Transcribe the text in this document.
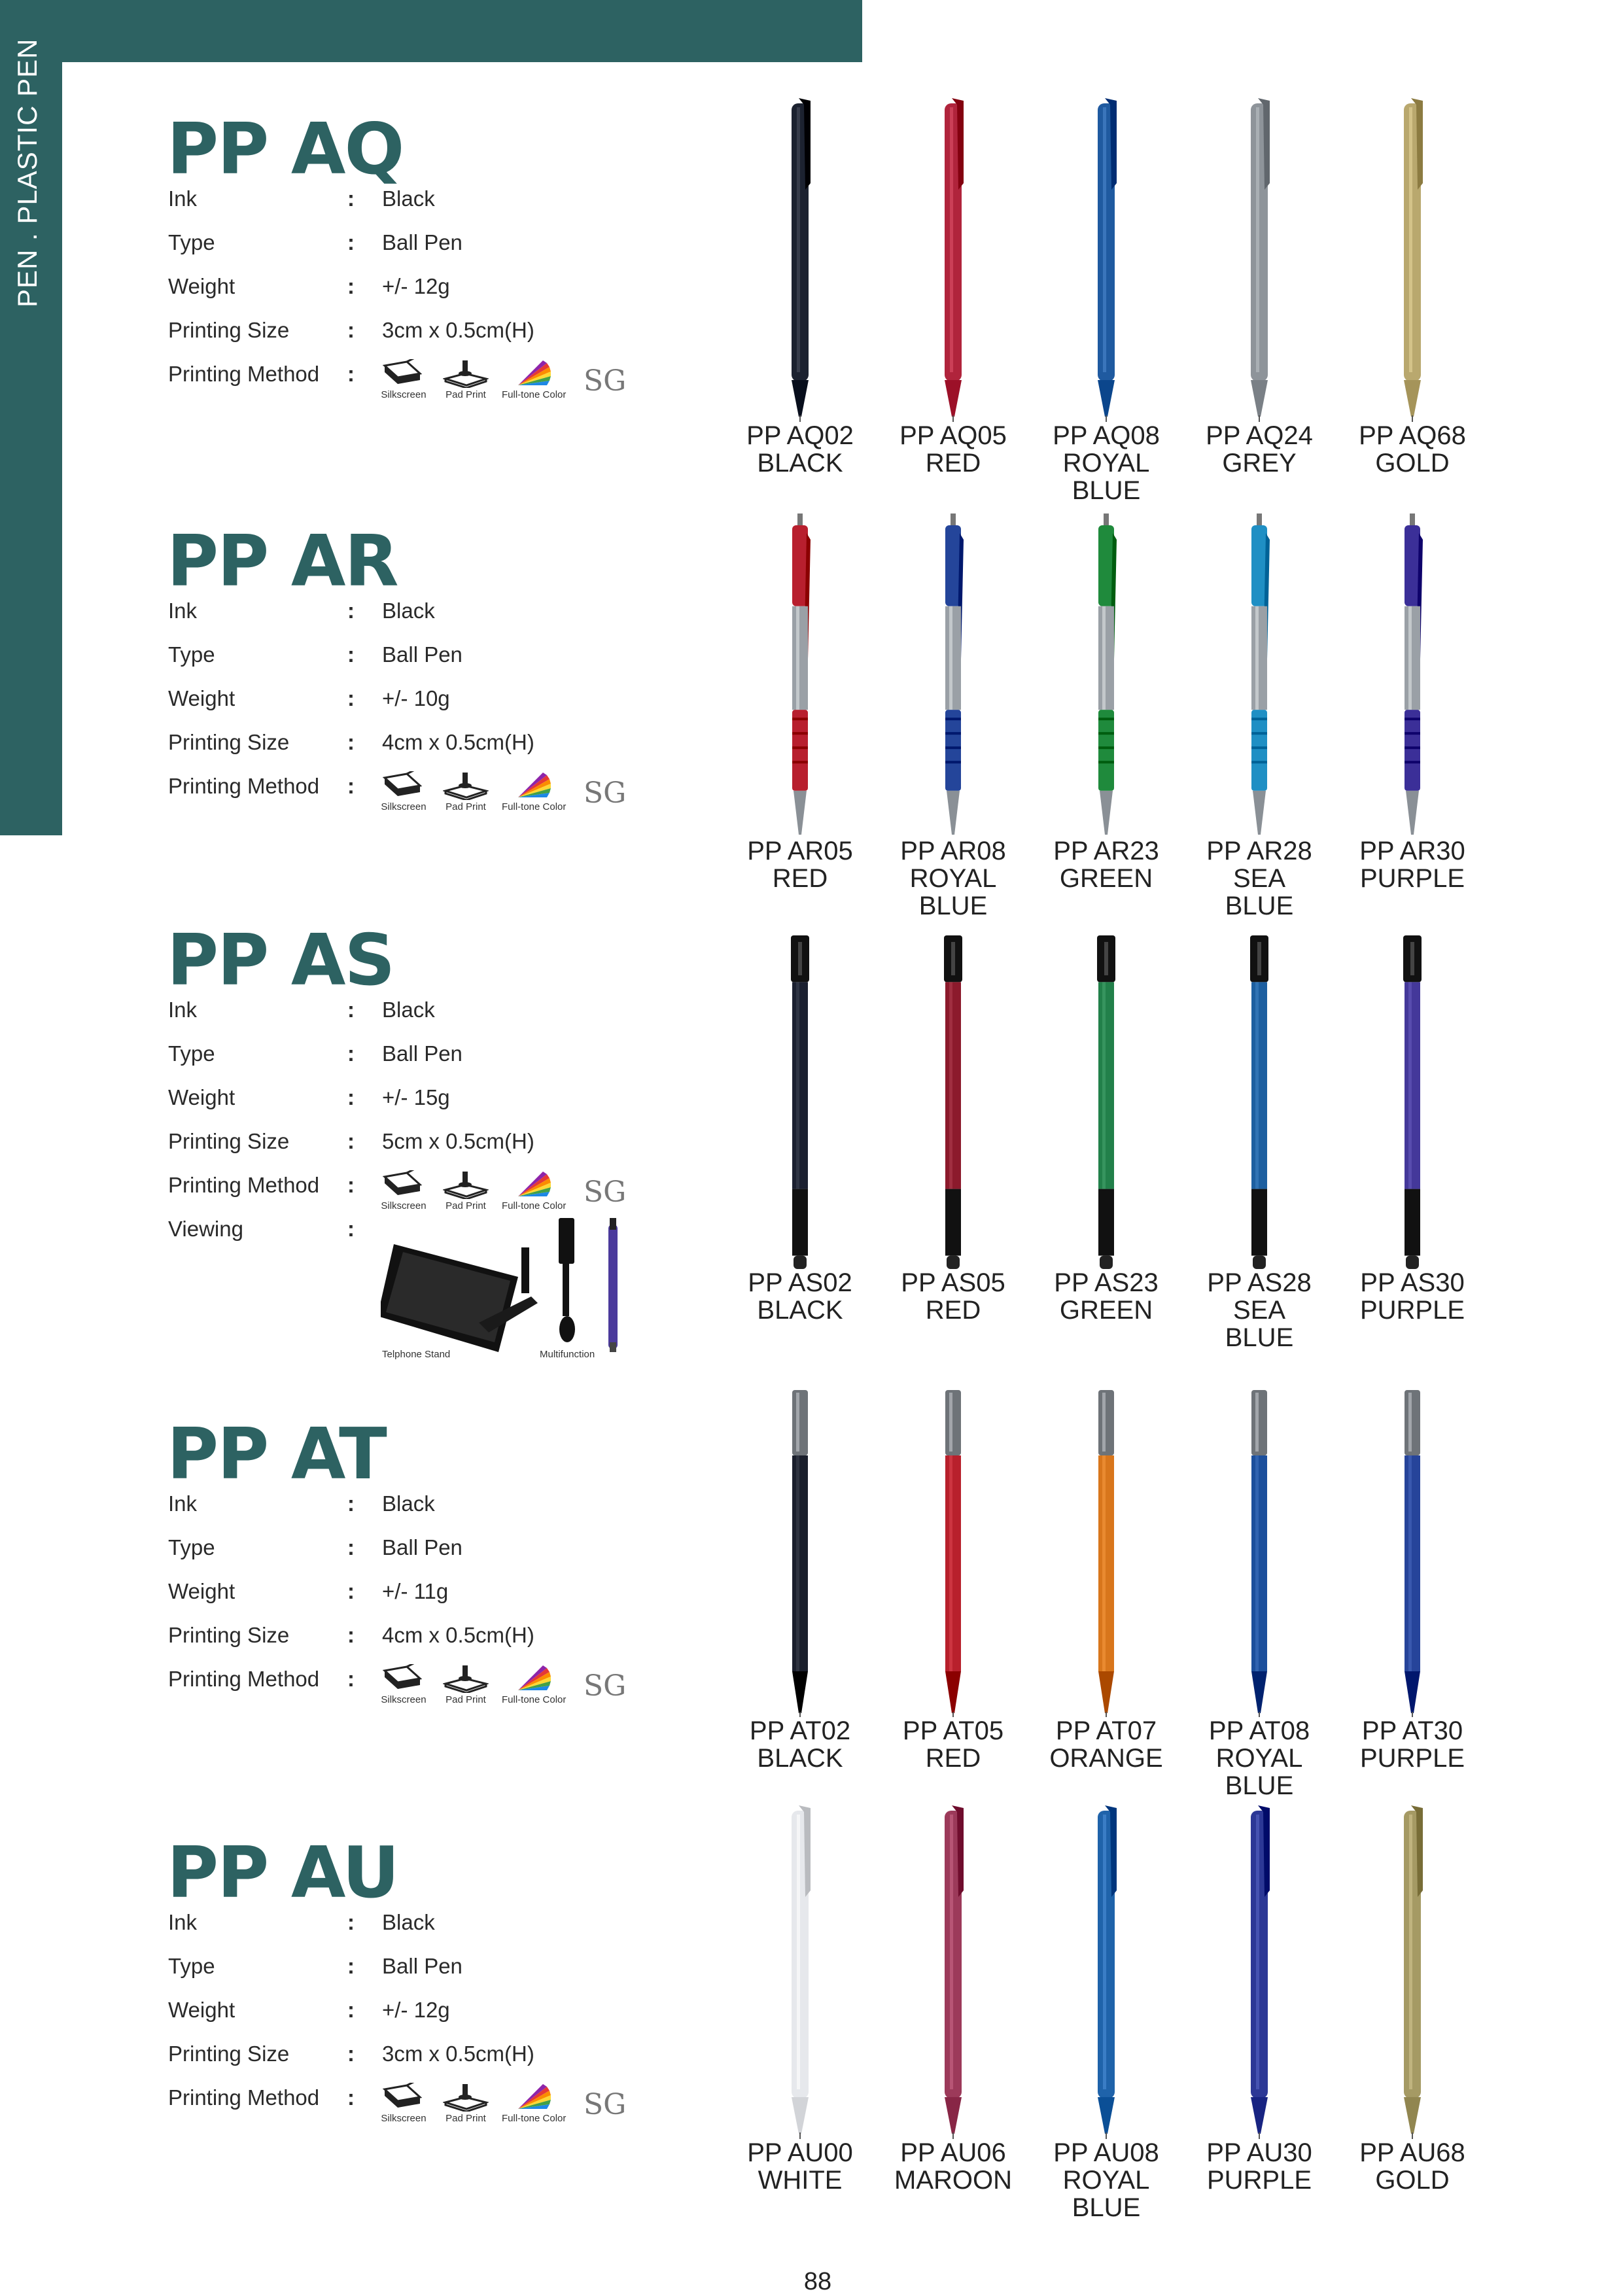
PEN . PLASTIC PEN PP AQ
Ink	: Black
Type	: Ball Pen
Weight	: +/- 12g
Printing Size	: 3cm x 0.5cm(H)
Printing Method :
Silkscreen Pad Print Full-tone Color SG
PP AR
Ink	: Black
Type	: Ball Pen
Weight	: +/- 10g
Printing Size	: 4cm x 0.5cm(H)
Printing Method :
Silkscreen Pad Print Full-tone Color SG
PP AS
Ink	: Black
Type	: Ball Pen
Weight	: +/- 15g
Printing Size	: 5cm x 0.5cm(H)
Printing Method :
Silkscreen Pad Print Full-tone Color SG
Viewing	:
Telphone Stand	Multifunction
PP AT
Ink	: Black
Type	: Ball Pen
Weight	: +/- 11g
Printing Size	: 4cm x 0.5cm(H)
Printing Method :
Silkscreen Pad Print Full-tone Color SG
PP AU
Ink	: Black
Type	: Ball Pen
Weight	: +/- 12g
Printing Size	: 3cm x 0.5cm(H)
Printing Method :
Silkscreen Pad Print Full-tone Color SG
PP AQ02
BLACK
PP AQ05
RED
PP AQ08
ROYAL
BLUE
PP AQ24
GREY
PP AQ68
GOLD
PP AR05
RED
PP AR08
ROYAL
BLUE
PP AR23
GREEN
PP AR28
SEA
BLUE
PP AR30
PURPLE
PP AS02
BLACK
PP AS05
RED
PP AS23
GREEN
PP AS28
SEA
BLUE
PP AS30
PURPLE
PP AT02
BLACK
PP AT05
RED
PP AT07
ORANGE
PP AT08
ROYAL
BLUE
PP AT30
PURPLE
PP AU00
WHITE
PP AU06
MAROON
PP AU08
ROYAL
BLUE
PP AU30
PURPLE
PP AU68
GOLD
88
